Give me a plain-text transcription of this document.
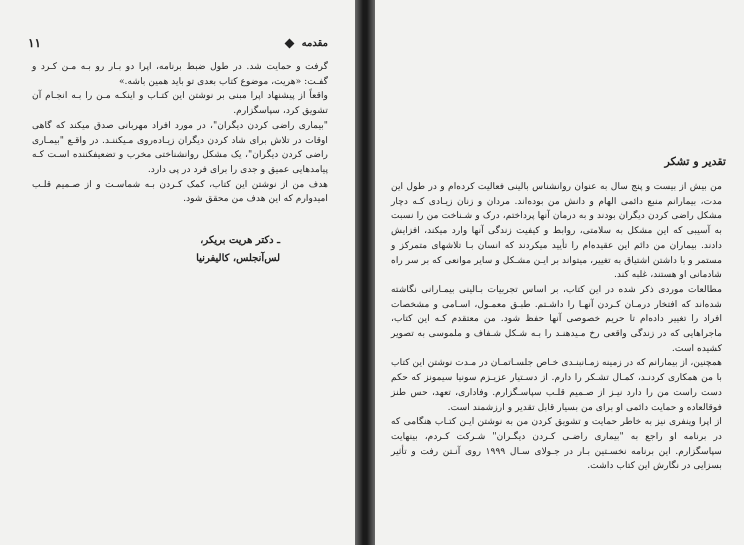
مقدمه
۱۱

گرفت و حمایت شد. در طول ضبط برنامه، اپرا دو بـار رو بـه مـن کـرد و گفـت: «هریت، موضوع کتاب بعدی تو باید همین باشه.»

واقعاً از پیشنهاد اپرا مبنی بر نوشتن این کتـاب و اینکـه مـن را بـه انجـام آن تشویق کرد، سپاسگزارم.

"بیماری راضی کردن دیگران"، در مورد افراد مهربانی صدق میکند که گاهی اوقات در تلاش برای شاد کردن دیگران زیـادەروی مـیکننـد. در واقـع "بیمـاری راضی کردن دیگران"، یک مشکل روانشناختی مخرب و تضعیفکننده اسـت کـه پیامدهایی عمیق و جدی را برای فرد در پی دارد.

هدف من از نوشتن این کتاب، کمک کـردن بـه شماسـت و از صـمیم قلـب امیدوارم که این هدف من محقق شود.

ـ دکتر هریت بریکر،
لس‌آنجلس، کالیفرنیا
تقدیر و تشکر

من بیش از بیست و پنج سال به عنوان روانشناس بالینی فعالیت کردەام و در طول این مدت، بیمارانم منبع دائمی الهام و دانش من بودەاند. مردان و زنان زیـادی کـه دچار مشکل راضی کردن دیگران بودند و به درمان آنها پرداختم، درک و شـناخت من را نسبت به آسیبی که این مشکل به سلامتی، روابط و کیفیت زندگی آنها وارد میکند، افزایش دادند. بیماران من دائم این عقیدەام را تأیید میکردند که انسان بـا تلاشهای متمرکز و مستمر و با داشتن اشتیاق به تغییر، میتواند بر ایـن مشـکل و سایر موانعی که بر سر راه شادمانی او هستند، غلبه کند.

مطالعات موردی ذکر شده در این کتاب، بر اساس تجربیات بـالینی بیمـارانی نگاشته شدەاند که افتخار درمـان کـردن آنهـا را داشـتم. طبـق معمـول، اسـامی و مشخصات افراد را تغییر دادەام تا حریم خصوصی آنها حفظ شود. من معتقدم کـه این کتاب، ماجراهایی که در زندگی واقعی رخ مـیدهنـد را بـه شـکل شـفاف و ملموسی به تصویر کشیده است.

همچنین، از بیمارانم که در زمینه زمـانبنـدی خـاص جلسـاتمـان در مـدت نوشتن این کتاب با من همکاری کردنـد، کمـال تشـکر را دارم. از دسـتیار عزیـزم سونیا سیمونز که حکم دست راست من را دارد نیـز از صـمیم قلـب سپاسـگزارم. وفاداری، تعهد، حس طنز فوقالعاده و حمایت دائمی او برای من بسیار قابل تقدیر و ارزشمند است.

از اپرا وینفری نیز به خاطر حمایت و تشویق کردن من به نوشتن ایـن کتـاب هنگامی که در برنامه او راجع به "بیماری راضـی کـردن دیگـران" شـرکت کـردم، بینهایت سپاسگزارم. این برنامه نخسـتین بـار در جـولای سـال ۱۹۹۹ روی آنـتن رفت و تأثیر بسزایی در نگارش این کتاب داشت.
